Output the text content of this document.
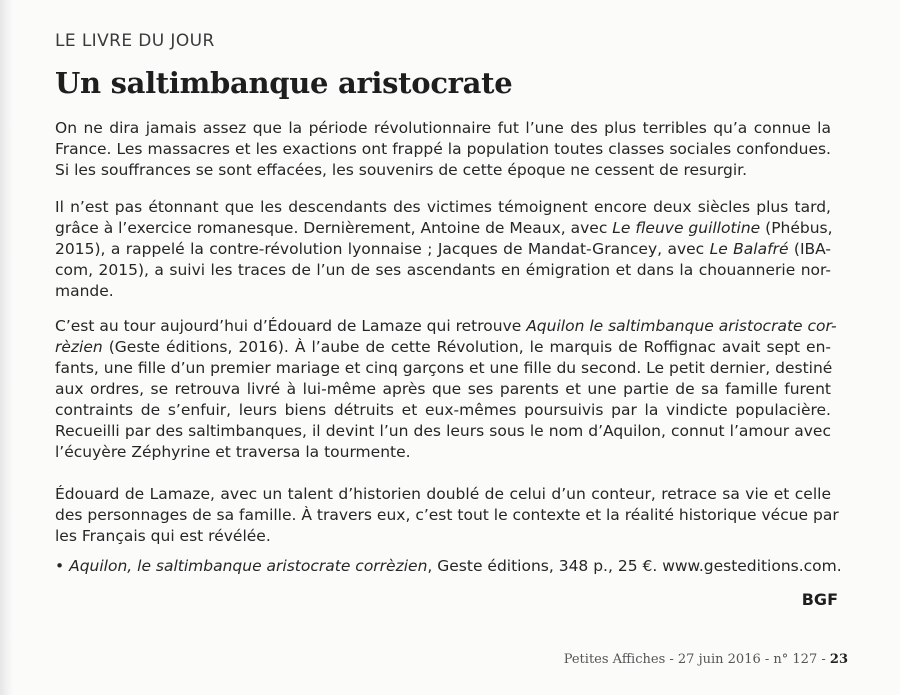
LE LIVRE DU JOUR
Un saltimbanque aristocrate
On ne dira jamais assez que la période révolutionnaire fut l’une des plus terribles qu’a connue la
France. Les massacres et les exactions ont frappé la population toutes classes sociales confondues.
Si les souffrances se sont effacées, les souvenirs de cette époque ne cessent de resurgir.
Il n’est pas étonnant que les descendants des victimes témoignent encore deux siècles plus tard,
grâce à l’exercice romanesque. Dernièrement, Antoine de Meaux, avec Le fleuve guillotine (Phébus,
2015), a rappelé la contre-révolution lyonnaise ; Jacques de Mandat-Grancey, avec Le Balafré (IBA-
com, 2015), a suivi les traces de l’un de ses ascendants en émigration et dans la chouannerie nor-
mande.
C’est au tour aujourd’hui d’Édouard de Lamaze qui retrouve Aquilon le saltimbanque aristocrate cor-
rèzien (Geste éditions, 2016). À l’aube de cette Révolution, le marquis de Roffignac avait sept en-
fants, une fille d’un premier mariage et cinq garçons et une fille du second. Le petit dernier, destiné
aux ordres, se retrouva livré à lui-même après que ses parents et une partie de sa famille furent
contraints de s’enfuir, leurs biens détruits et eux-mêmes poursuivis par la vindicte populacière.
Recueilli par des saltimbanques, il devint l’un des leurs sous le nom d’Aquilon, connut l’amour avec
l’écuyère Zéphyrine et traversa la tourmente.
Édouard de Lamaze, avec un talent d’historien doublé de celui d’un conteur, retrace sa vie et celle
des personnages de sa famille. À travers eux, c’est tout le contexte et la réalité historique vécue par
les Français qui est révélée.
• Aquilon, le saltimbanque aristocrate corrèzien, Geste éditions, 348 p., 25 €. www.gesteditions.com.
BGF
Petites Affiches - 27 juin 2016 - n° 127 - 23
